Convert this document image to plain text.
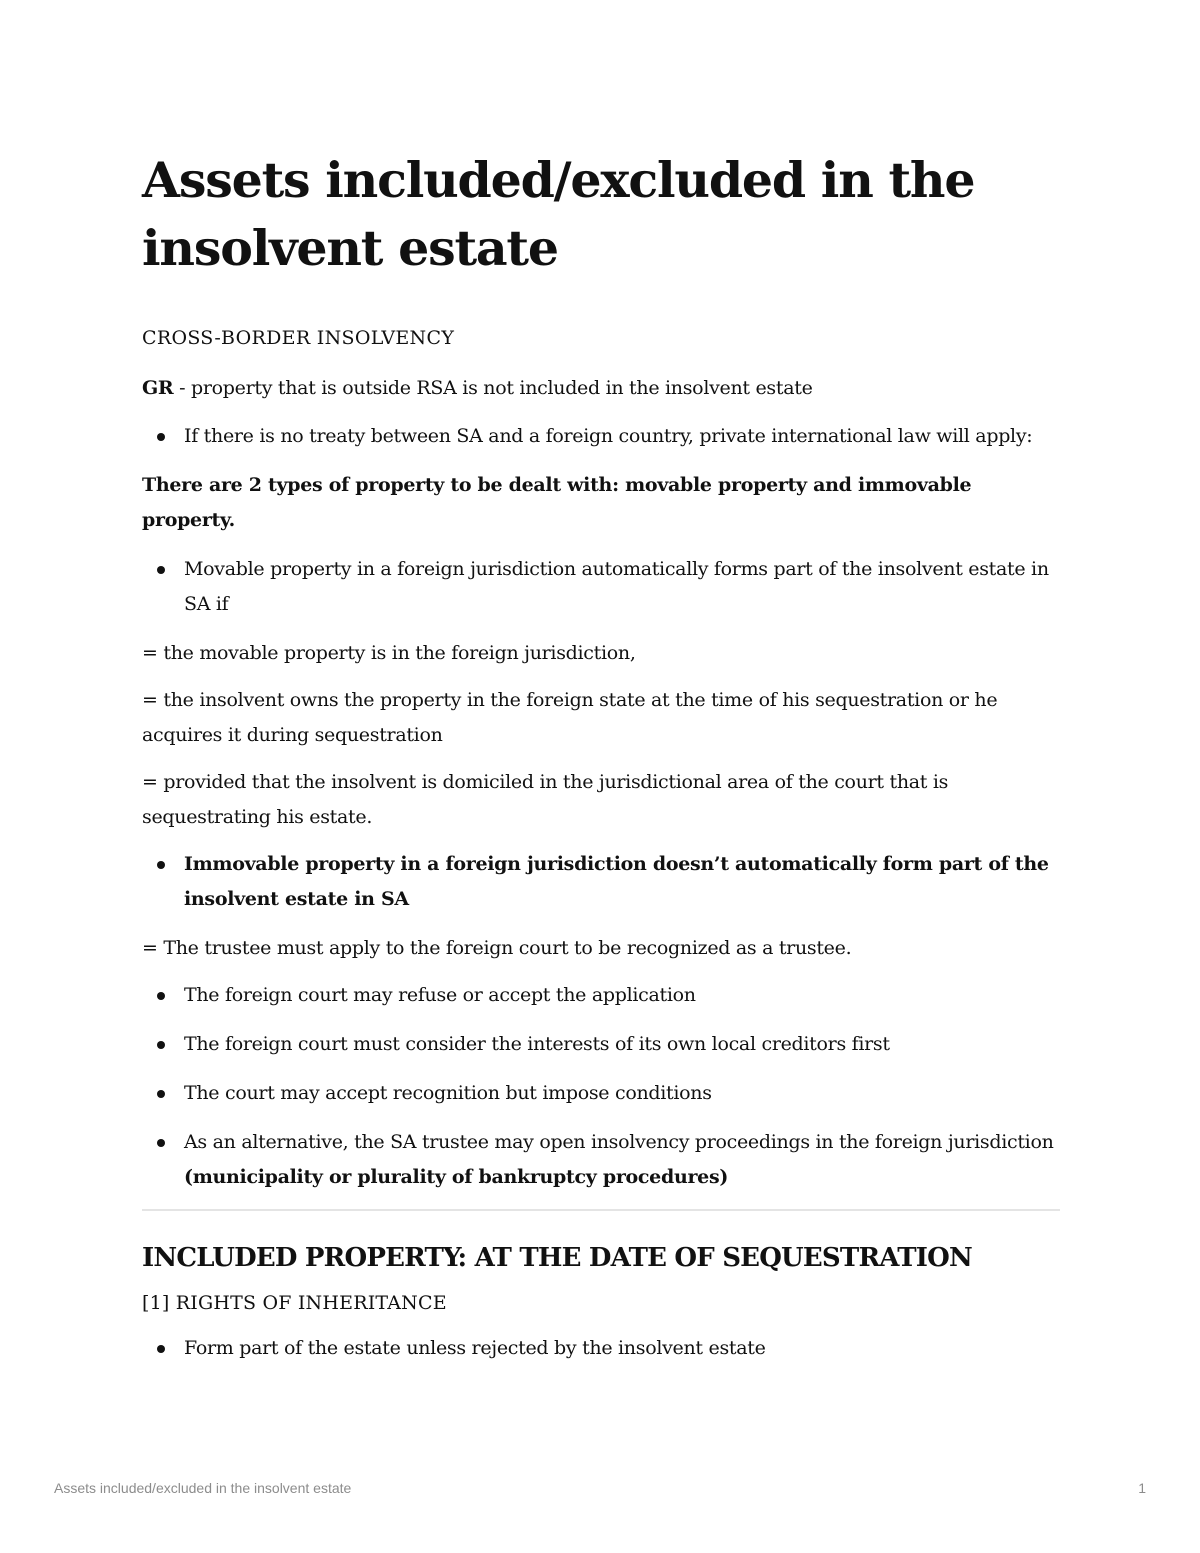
Assets included/excluded in the insolvent estate
CROSS-BORDER INSOLVENCY

GR - property that is outside RSA is not included in the insolvent estate

If there is no treaty between SA and a foreign country, private international law will apply:

There are 2 types of property to be dealt with: movable property and immovable property.

Movable property in a foreign jurisdiction automatically forms part of the insolvent estate in SA if

= the movable property is in the foreign jurisdiction,

= the insolvent owns the property in the foreign state at the time of his sequestration or he acquires it during sequestration

= provided that the insolvent is domiciled in the jurisdictional area of the court that is sequestrating his estate.

Immovable property in a foreign jurisdiction doesn’t automatically form part of the insolvent estate in SA

= The trustee must apply to the foreign court to be recognized as a trustee.

The foreign court may refuse or accept the application
The foreign court must consider the interests of its own local creditors first
The court may accept recognition but impose conditions
As an alternative, the SA trustee may open insolvency proceedings in the foreign jurisdiction (municipality or plurality of bankruptcy procedures)
INCLUDED PROPERTY: AT THE DATE OF SEQUESTRATION
[1] RIGHTS OF INHERITANCE
Form part of the estate unless rejected by the insolvent estate
Assets included/excluded in the insolvent estate	1
